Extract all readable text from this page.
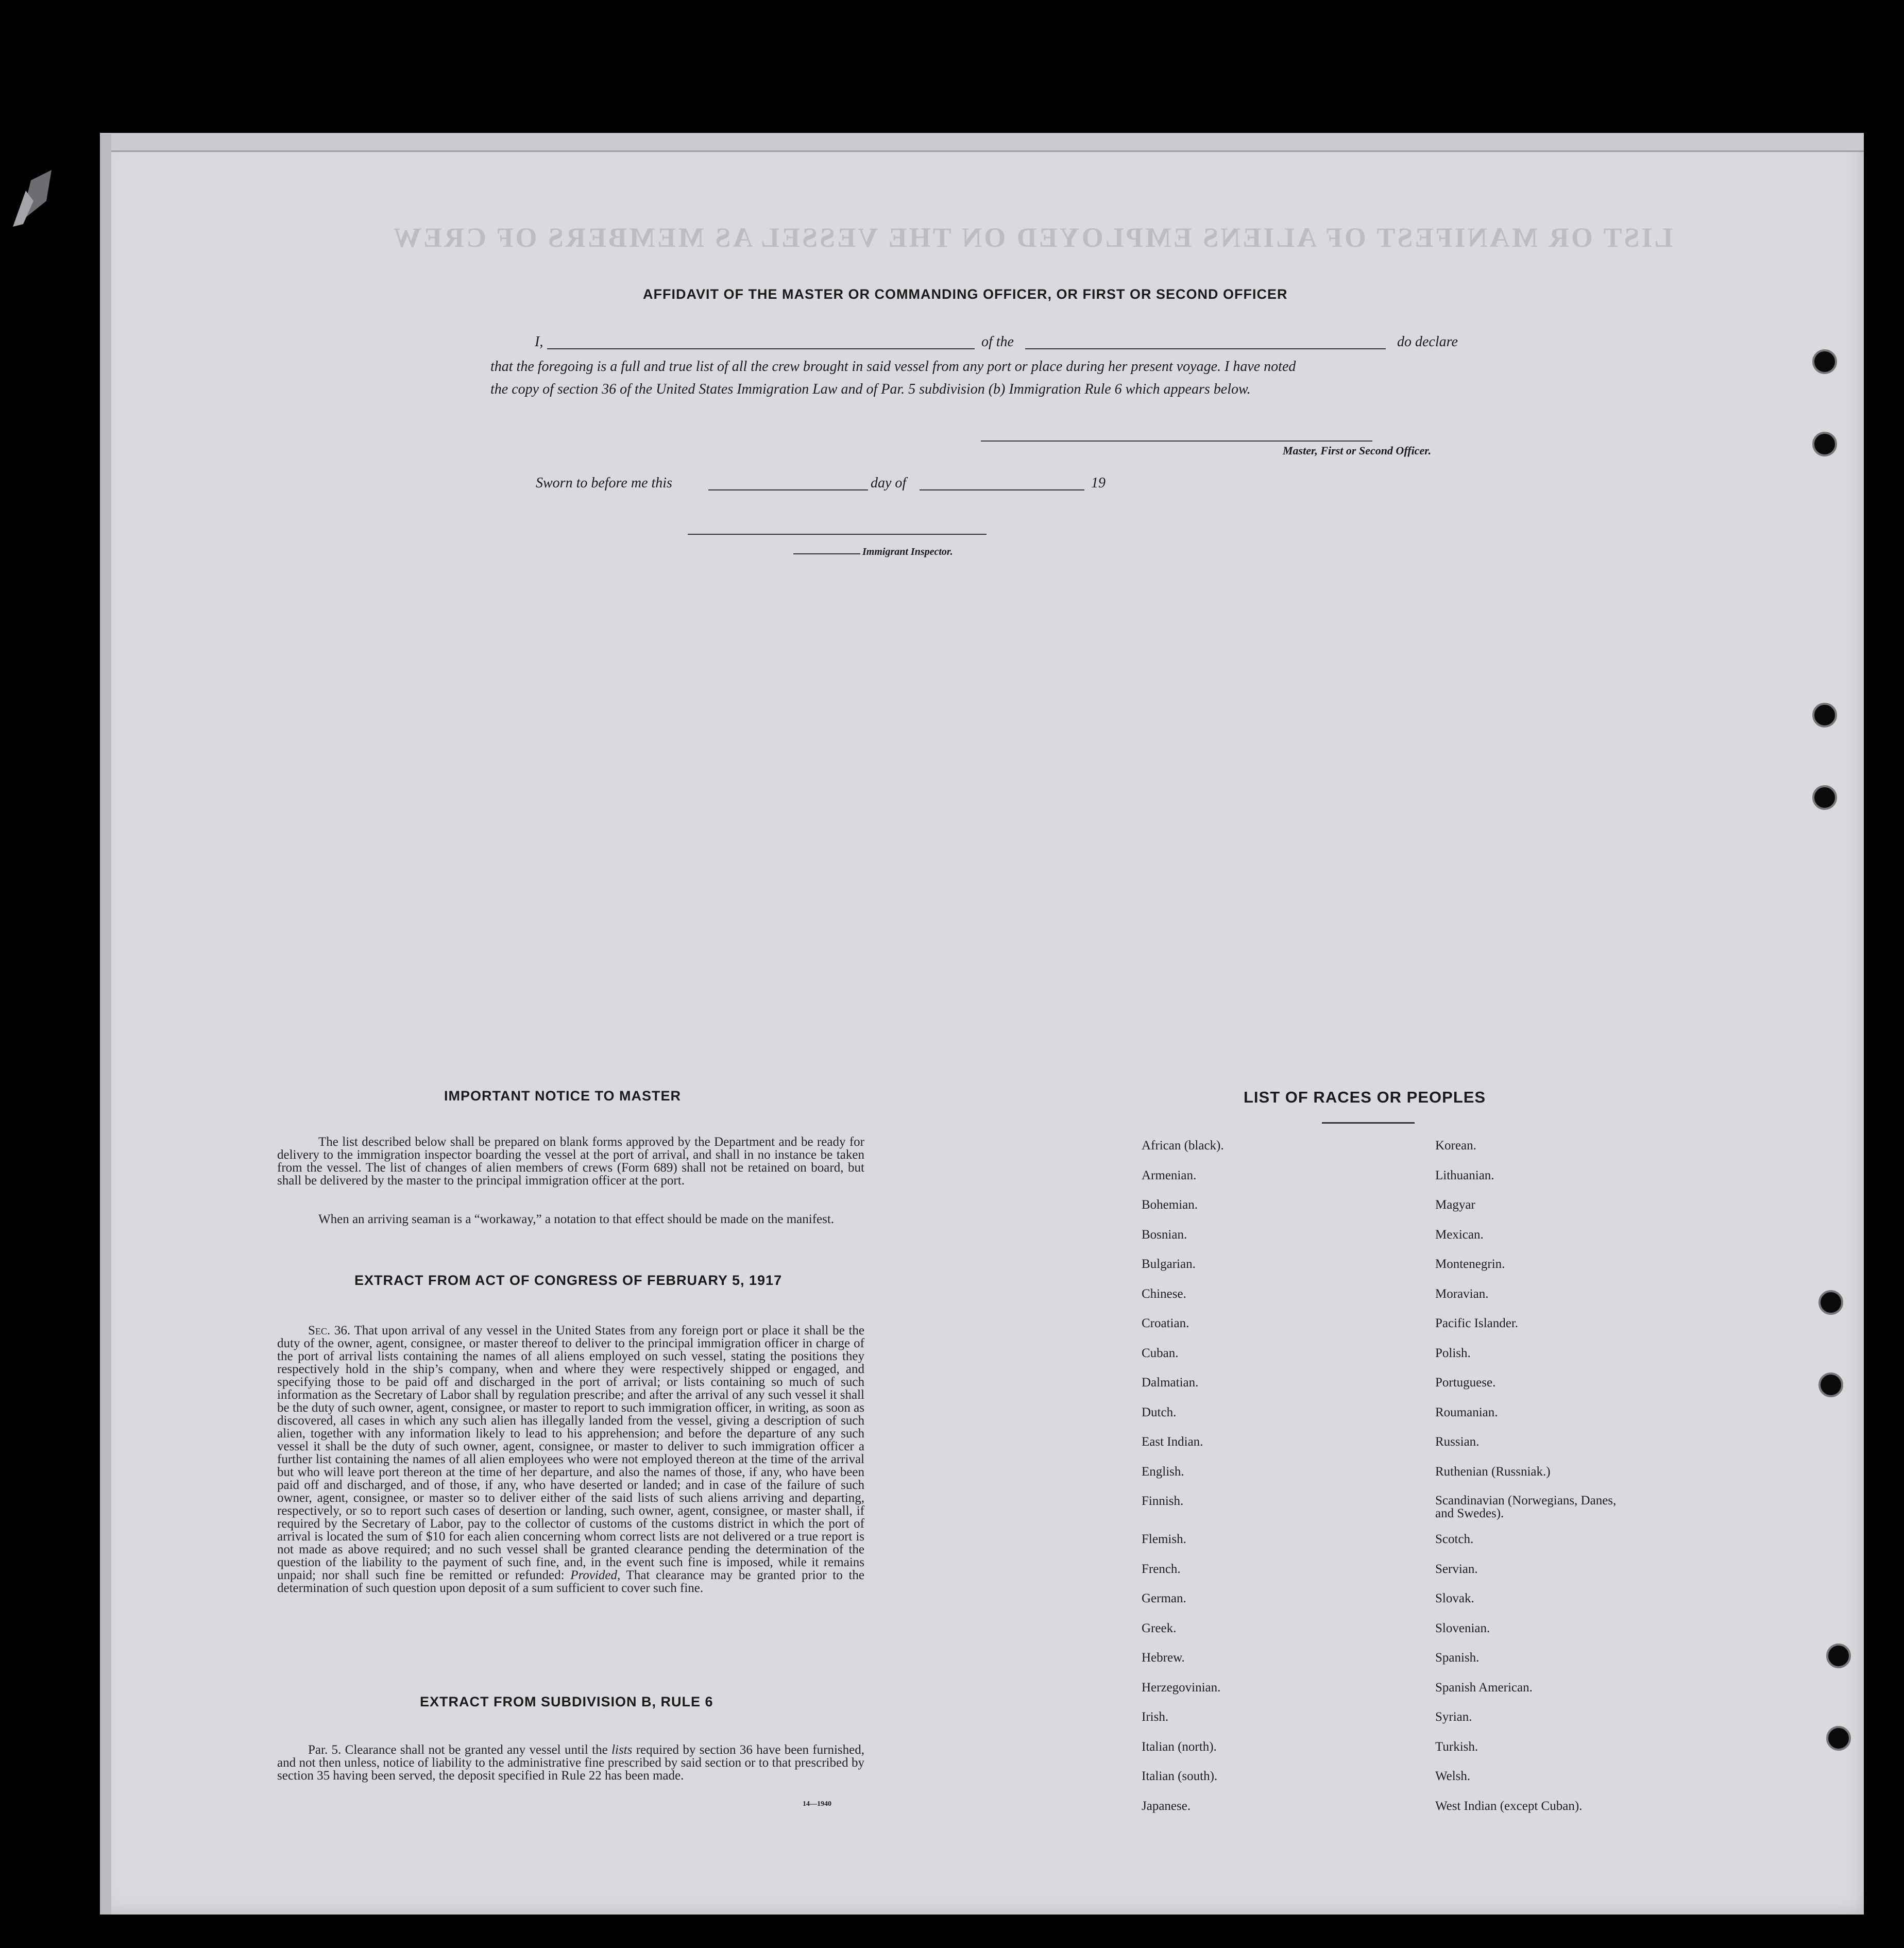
LIST OR MANIFEST OF ALIENS EMPLOYED ON THE VESSEL AS MEMBERS OF CREW
AFFIDAVIT OF THE MASTER OR COMMANDING OFFICER, OR FIRST OR SECOND OFFICER
I,	of the	do declare
that the foregoing is a full and true list of all the crew brought in said vessel from any port or place during her present voyage. I have noted
the copy of section 36 of the United States Immigration Law and of Par. 5 subdivision (b) Immigration Rule 6 which appears below.
Master, First or Second Officer.
Sworn to before me this	day of	19
Immigrant Inspector.
IMPORTANT NOTICE TO MASTER
The list described below shall be prepared on blank forms approved by the Department and be ready for delivery to the immigration inspector boarding the vessel at the port of arrival, and shall in no instance be taken from the vessel. The list of changes of alien members of crews (Form 689) shall not be retained on board, but shall be delivered by the master to the principal immigration officer at the port.
When an arriving seaman is a “workaway,” a notation to that effect should be made on the manifest.
EXTRACT FROM ACT OF CONGRESS OF FEBRUARY 5, 1917
Sec. 36. That upon arrival of any vessel in the United States from any foreign port or place it shall be the duty of the owner, agent, consignee, or master thereof to deliver to the principal immigration officer in charge of the port of arrival lists containing the names of all aliens employed on such vessel, stating the positions they respectively hold in the ship’s company, when and where they were respectively shipped or engaged, and specifying those to be paid off and discharged in the port of arrival; or lists containing so much of such information as the Secretary of Labor shall by regulation prescribe; and after the arrival of any such vessel it shall be the duty of such owner, agent, consignee, or master to report to such immigration officer, in writing, as soon as discovered, all cases in which any such alien has illegally landed from the vessel, giving a description of such alien, together with any information likely to lead to his apprehension; and before the departure of any such vessel it shall be the duty of such owner, agent, consignee, or master to deliver to such immigration officer a further list containing the names of all alien employees who were not employed thereon at the time of the arrival but who will leave port thereon at the time of her departure, and also the names of those, if any, who have been paid off and discharged, and of those, if any, who have deserted or landed; and in case of the failure of such owner, agent, consignee, or master so to deliver either of the said lists of such aliens arriving and departing, respectively, or so to report such cases of desertion or landing, such owner, agent, consignee, or master shall, if required by the Secretary of Labor, pay to the collector of customs of the customs district in which the port of arrival is located the sum of $10 for each alien concerning whom correct lists are not delivered or a true report is not made as above required; and no such vessel shall be granted clearance pending the determination of the question of the liability to the payment of such fine, and, in the event such fine is imposed, while it remains unpaid; nor shall such fine be remitted or refunded: Provided, That clearance may be granted prior to the determination of such question upon deposit of a sum sufficient to cover such fine.
EXTRACT FROM SUBDIVISION B, RULE 6
Par. 5. Clearance shall not be granted any vessel until the lists required by section 36 have been furnished, and not then unless, notice of liability to the administrative fine prescribed by said section or to that prescribed by section 35 having been served, the deposit specified in Rule 22 has been made.
14—1940
LIST OF RACES OR PEOPLES
African (black).
Armenian.
Bohemian.
Bosnian.
Bulgarian.
Chinese.
Croatian.
Cuban.
Dalmatian.
Dutch.
East Indian.
English.
Finnish.
Flemish.
French.
German.
Greek.
Hebrew.
Herzegovinian.
Irish.
Italian (north).
Italian (south).
Japanese.
Korean.
Lithuanian.
Magyar
Mexican.
Montenegrin.
Moravian.
Pacific Islander.
Polish.
Portuguese.
Roumanian.
Russian.
Ruthenian (Russniak.)
Scandinavian (Norwegians, Danes, and Swedes).
Scotch.
Servian.
Slovak.
Slovenian.
Spanish.
Spanish American.
Syrian.
Turkish.
Welsh.
West Indian (except Cuban).
